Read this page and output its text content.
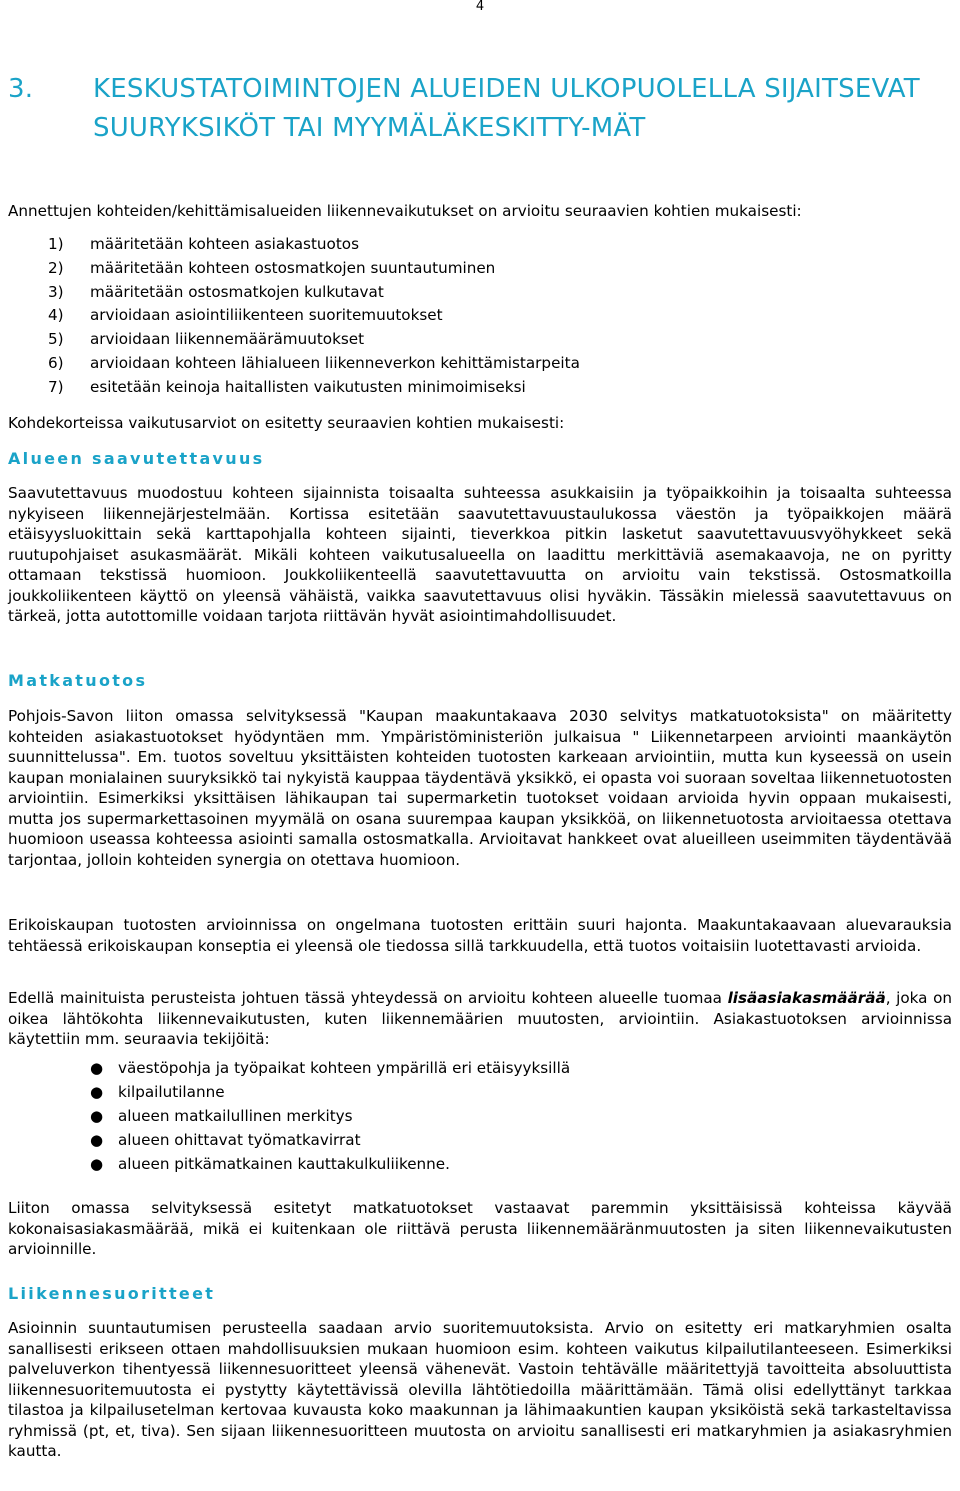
4
3. KESKUSTATOIMINTOJEN ALUEIDEN ULKOPUOLELLA SIJAITSEVAT SUURYKSIKÖT TAI MYYMÄLÄKESKITTY-MÄT
Annettujen kohteiden/kehittämisalueiden liikennevaikutukset on arvioitu seuraavien kohtien mukaisesti:
1) määritetään kohteen asiakastuotos
2) määritetään kohteen ostosmatkojen suuntautuminen
3) määritetään ostosmatkojen kulkutavat
4) arvioidaan asiointiliikenteen suoritemuutokset
5) arvioidaan liikennemäärämuutokset
6) arvioidaan kohteen lähialueen liikenneverkon kehittämistarpeita
7) esitetään keinoja haitallisten vaikutusten minimoimiseksi
Kohdekorteissa vaikutusarviot on esitetty seuraavien kohtien mukaisesti:
Alueen saavutettavuus

Saavutettavuus muodostuu kohteen sijainnista toisaalta suhteessa asukkaisiin ja työpaikkoihin ja toisaalta suhteessa nykyiseen liikennejärjestelmään. Kortissa esitetään saavutettavuustaulukossa väestön ja työpaikkojen määrä etäisyysluokittain sekä karttapohjalla kohteen sijainti, tieverkkoa pitkin lasketut saavutettavuusvyöhykkeet sekä ruutupohjaiset asukasmäärät. Mikäli kohteen vaikutusalueella on laadittu merkittäviä asemakaavoja, ne on pyritty ottamaan tekstissä huomioon. Joukkoliikenteellä saavutettavuutta on arvioitu vain tekstissä. Ostosmatkoilla joukkoliikenteen käyttö on yleensä vähäistä, vaikka saavutettavuus olisi hyväkin. Tässäkin mielessä saavutettavuus on tärkeä, jotta autottomille voidaan tarjota riittävän hyvät asiointimahdollisuudet.

Matkatuotos

Pohjois-Savon liiton omassa selvityksessä "Kaupan maakuntakaava 2030 selvitys matkatuotoksista" on määritetty kohteiden asiakastuotokset hyödyntäen mm. Ympäristöministeriön julkaisua " Liikennetarpeen arviointi maankäytön suunnittelussa". Em. tuotos soveltuu yksittäisten kohteiden tuotosten karkeaan arviointiin, mutta kun kyseessä on usein kaupan monialainen suuryksikkö tai nykyistä kauppaa täydentävä yksikkö, ei opasta voi suoraan soveltaa liikennetuotosten arviointiin. Esimerkiksi yksittäisen lähikaupan tai supermarketin tuotokset voidaan arvioida hyvin oppaan mukaisesti, mutta jos supermarkettasoinen myymälä on osana suurempaa kaupan yksikköä, on liikennetuotosta arvioitaessa otettava huomioon useassa kohteessa asiointi samalla ostosmatkalla. Arvioitavat hankkeet ovat alueilleen useimmiten täydentävää tarjontaa, jolloin kohteiden synergia on otettava huomioon.

Erikoiskaupan tuotosten arvioinnissa on ongelmana tuotosten erittäin suuri hajonta. Maakuntakaavaan aluevarauksia tehtäessä erikoiskaupan konseptia ei yleensä ole tiedossa sillä tarkkuudella, että tuotos voitaisiin luotettavasti arvioida.

Edellä mainituista perusteista johtuen tässä yhteydessä on arvioitu kohteen alueelle tuomaa lisäasiakasmäärää, joka on oikea lähtökohta liikennevaikutusten, kuten liikennemäärien muutosten, arviointiin. Asiakastuotoksen arvioinnissa käytettiin mm. seuraavia tekijöitä:

● väestöpohja ja työpaikat kohteen ympärillä eri etäisyyksillä
● kilpailutilanne
● alueen matkailullinen merkitys
● alueen ohittavat työmatkavirrat
● alueen pitkämatkainen kauttakulkuliikenne.

Liiton omassa selvityksessä esitetyt matkatuotokset vastaavat paremmin yksittäisissä kohteissa käyvää kokonaisasiakasmäärää, mikä ei kuitenkaan ole riittävä perusta liikennemääränmuutosten ja siten liikennevaikutusten arvioinnille.

Liikennesuoritteet

Asioinnin suuntautumisen perusteella saadaan arvio suoritemuutoksista. Arvio on esitetty eri matkaryhmien osalta sanallisesti erikseen ottaen mahdollisuuksien mukaan huomioon esim. kohteen vaikutus kilpailutilanteeseen. Esimerkiksi palveluverkon tihentyessä liikennesuoritteet yleensä vähenevät. Vastoin tehtävälle määritettyjä tavoitteita absoluuttista liikennesuoritemuutosta ei pystytty käytettävissä olevilla lähtötiedoilla määrittämään. Tämä olisi edellyttänyt tarkkaa tilastoa ja kilpailusetelman kertovaa kuvausta koko maakunnan ja lähimaakuntien kaupan yksiköistä sekä tarkasteltavissa ryhmissä (pt, et, tiva). Sen sijaan liikennesuoritteen muutosta on arvioitu sanallisesti eri matkaryhmien ja asiakasryhmien kautta.
